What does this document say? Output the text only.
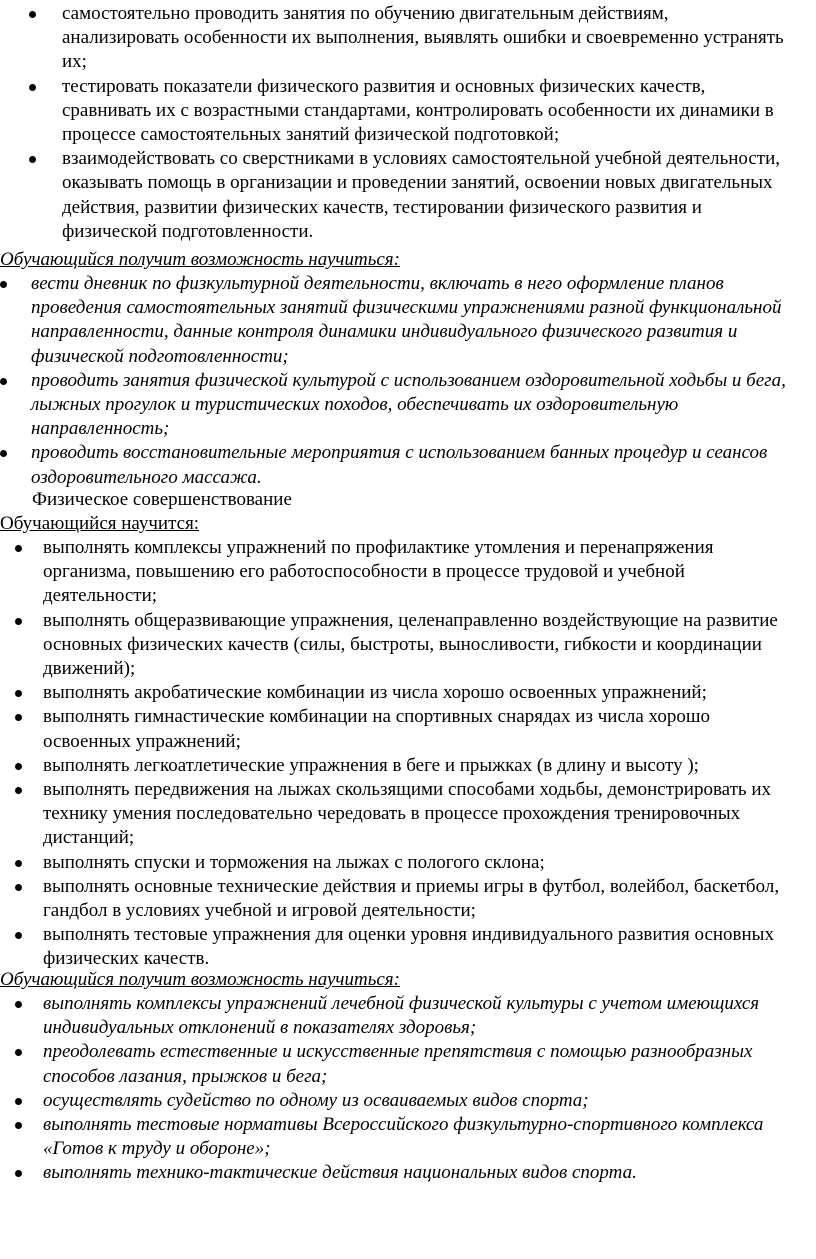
самостоятельно проводить занятия по обучению двигательным действиям, анализировать особенности их выполнения, выявлять ошибки и своевременно устранять их;
тестировать показатели физического развития и основных физических качеств, сравнивать их с возрастными стандартами, контролировать особенности их динамики в процессе самостоятельных занятий физической подготовкой;
взаимодействовать со сверстниками в условиях самостоятельной учебной деятельности, оказывать помощь в организации и проведении занятий, освоении новых двигательных действия, развитии физических качеств, тестировании физического развития и физической подготовленности.
Обучающийся получит возможность научиться:
вести дневник по физкультурной деятельности, включать в него оформление планов проведения самостоятельных занятий физическими упражнениями разной функциональной направленности, данные контроля динамики индивидуального физического развития и физической подготовленности;
проводить занятия физической культурой с использованием оздоровительной ходьбы и бега, лыжных прогулок и туристических походов, обеспечивать их оздоровительную направленность;
проводить восстановительные мероприятия с использованием банных процедур и сеансов оздоровительного массажа.
Физическое совершенствование
Обучающийся научится:
выполнять комплексы упражнений по профилактике утомления и перенапряжения организма, повышению его работоспособности в процессе трудовой и учебной деятельности;
выполнять общеразвивающие упражнения, целенаправленно воздействующие на развитие основных физических качеств (силы, быстроты, выносливости, гибкости и координации движений);
выполнять акробатические комбинации из числа хорошо освоенных упражнений;
выполнять гимнастические комбинации на спортивных снарядах из числа хорошо освоенных упражнений;
выполнять легкоатлетические упражнения в беге и прыжках (в длину и высоту );
выполнять передвижения на лыжах скользящими способами ходьбы, демонстрировать их технику умения последовательно чередовать в процессе прохождения тренировочных дистанций;
выполнять спуски и торможения на лыжах с пологого склона;
выполнять основные технические действия и приемы игры в футбол, волейбол, баскетбол, гандбол в условиях учебной и игровой деятельности;
выполнять тестовые упражнения для оценки уровня индивидуального развития основных физических качеств.
Обучающийся получит возможность научиться:
выполнять комплексы упражнений лечебной физической культуры с учетом имеющихся индивидуальных отклонений в показателях здоровья;
преодолевать естественные и искусственные препятствия с помощью разнообразных способов лазания, прыжков и бега;
осуществлять судейство по одному из осваиваемых видов спорта;
выполнять тестовые нормативы Всероссийского физкультурно-спортивного комплекса «Готов к труду и обороне»;
выполнять технико-тактические действия национальных видов спорта.
